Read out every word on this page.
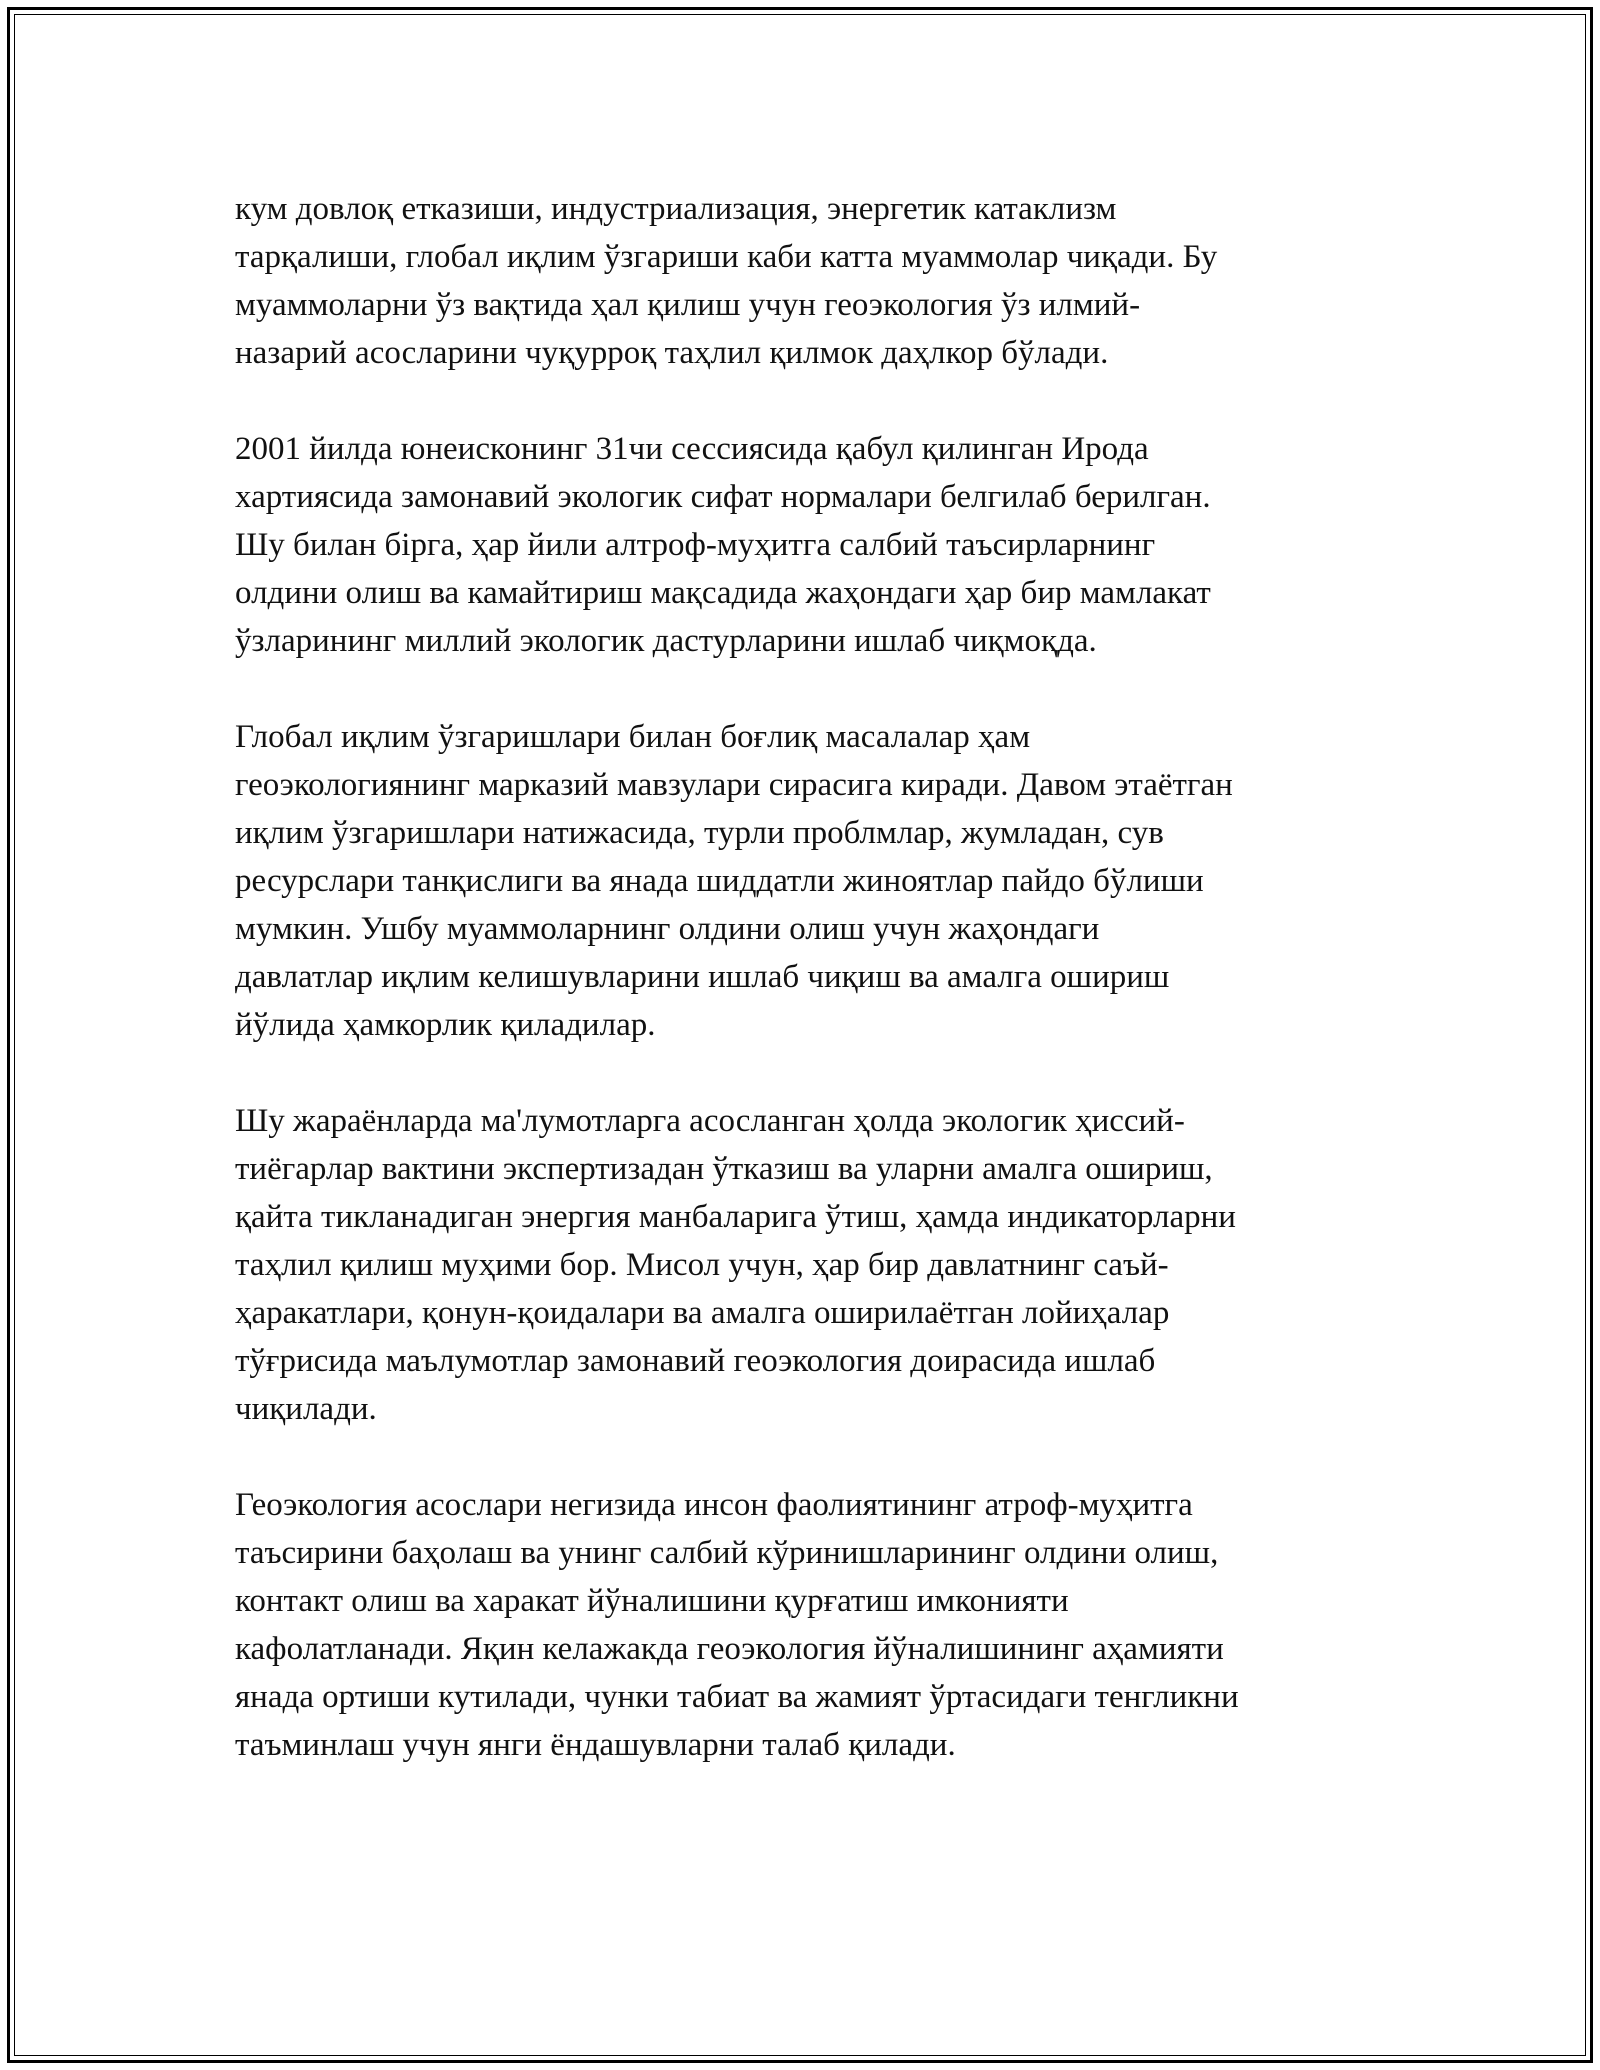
кум довлоқ етказиши, индустриализация, энергетик катаклизм
тарқалиши, глобал иқлим ўзгариши каби катта муаммолар чиқади. Бу
муаммоларни ўз вақтида ҳал қилиш учун геоэкология ўз илмий-
назарий асосларини чуқурроқ таҳлил қилмок даҳлкор бўлади.

2001 йилда юнеисконинг 31чи сессиясида қабул қилинган Ирода
хартиясида замонавий экологик сифат нормалари белгилаб берилган.
Шу билан бірга, ҳар йили алтроф-муҳитга салбий таъсирларнинг
олдини олиш ва камайтириш мақсадида жаҳондаги ҳар бир мамлакат
ўзларининг миллий экологик дастурларини ишлаб чиқмоқда.

Глобал иқлим ўзгаришлари билан боғлиқ масалалар ҳам
геоэкологиянинг марказий мавзулари сирасига киради. Давом этаётган
иқлим ўзгаришлари натижасида, турли проблмлар, жумладан, сув
ресурслари танқислиги ва янада шиддатли жиноятлар пайдо бўлиши
мумкин. Ушбу муаммоларнинг олдини олиш учун жаҳондаги
давлатлар иқлим келишувларини ишлаб чиқиш ва амалга ошириш
йўлида ҳамкорлик қиладилар.

Шу жараёнларда ма'лумотларга асосланган ҳолда экологик ҳиссий-
тиёгарлар вактини экспертизадан ўтказиш ва уларни амалга ошириш,
қайта тикланадиган энергия манбаларига ўтиш, ҳамда индикаторларни
таҳлил қилиш муҳими бор. Мисол учун, ҳар бир давлатнинг саъй-
ҳаракатлари, қонун-қоидалари ва амалга оширилаётган лойиҳалар
тўғрисида маълумотлар замонавий геоэкология доирасида ишлаб
чиқилади.

Геоэкология асослари негизида инсон фаолиятининг атроф-муҳитга
таъсирини баҳолаш ва унинг салбий кўринишларининг олдини олиш,
контакт олиш ва харакат йўналишини қурғатиш имконияти
кафолатланади. Яқин келажакда геоэкология йўналишининг аҳамияти
янада ортиши кутилади, чунки табиат ва жамият ўртасидаги тенгликни
таъминлаш учун янги ёндашувларни талаб қилади.
